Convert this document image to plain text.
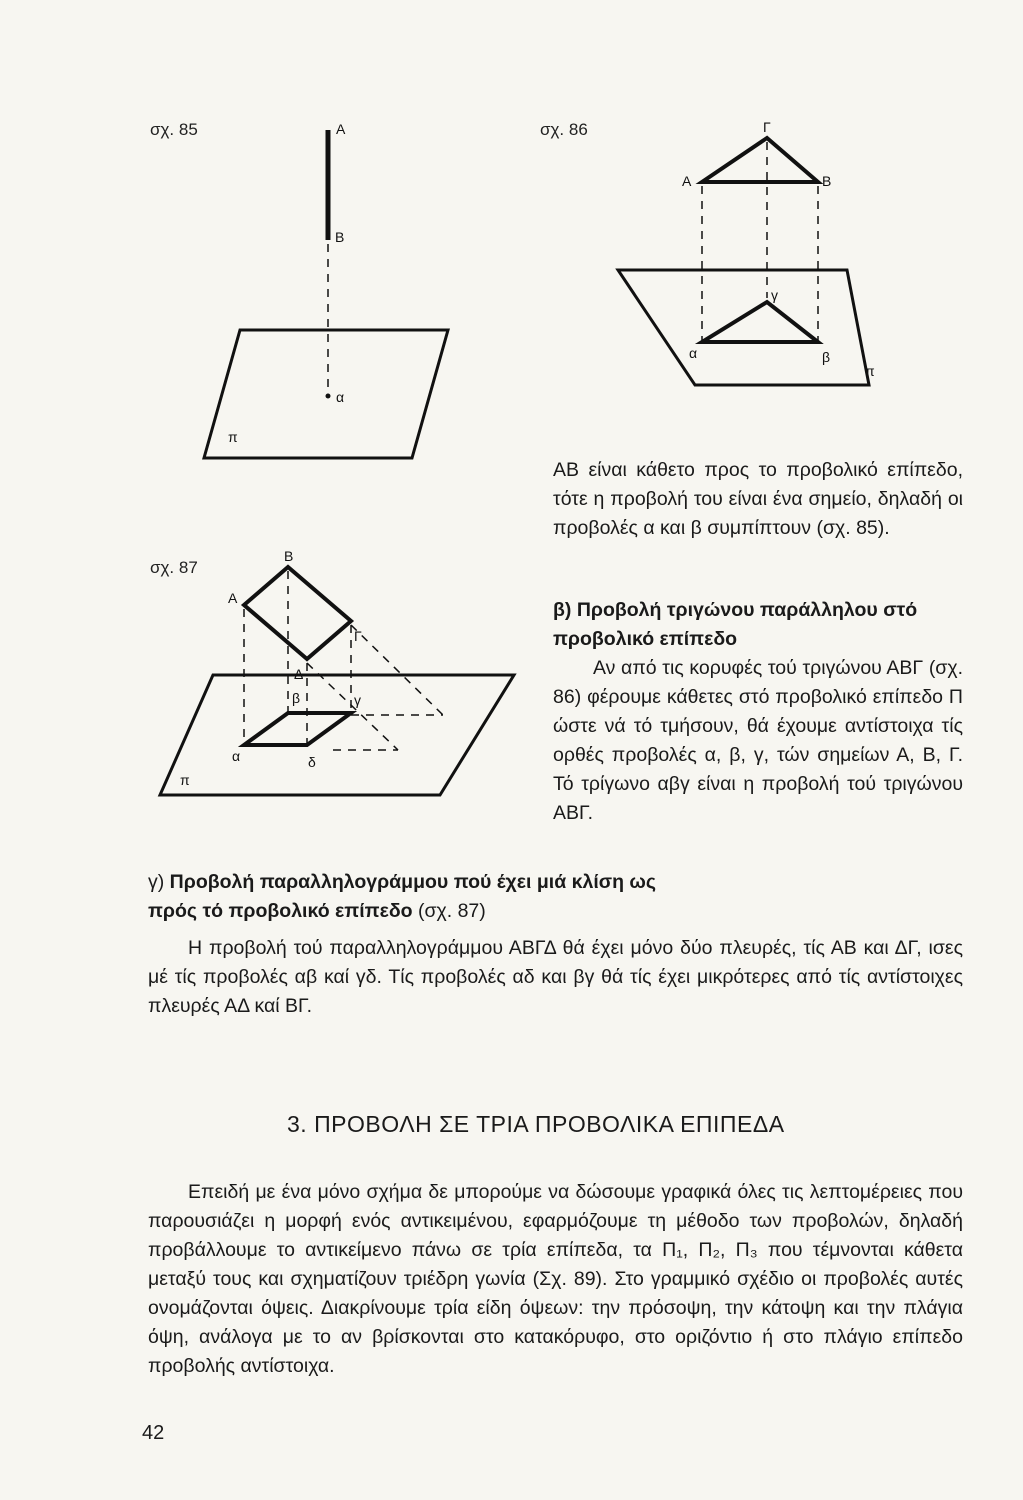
σχ. 85	A
B
α
π
σχ. 86	Γ
A	B
γ
α	β
π
σχ. 87
B
A
Γ
Δ
β	γ
α	δ
π
ΑΒ είναι κάθετο προς το προβολικό επίπεδο, τότε η προβολή του είναι ένα σημείο, δηλαδή οι προβολές α και β συμπίπτουν (σχ. 85).
β) Προβολή τριγώνου παράλληλου στό προβολικό επίπεδο
Αν από τις κορυφές τού τριγώνου ΑΒΓ (σχ. 86) φέρουμε κάθετες στό προβολικό επίπεδο Π ώστε νά τό τμήσουν, θά έχουμε αντίστοιχα τίς ορθές προβολές α, β, γ, τών σημείων Α, Β, Γ. Τό τρίγωνο αβγ είναι η προβολή τού τριγώνου ΑΒΓ.
γ) Προβολή παραλληλογράμμου πού έχει μιά κλίση ως πρός τό προβολικό επίπεδο (σχ. 87)
Η προβολή τού παραλληλογράμμου ΑΒΓΔ θά έχει μόνο δύο πλευρές, τίς ΑΒ και ΔΓ, ισες μέ τίς προβολές αβ καί γδ. Τίς προβολές αδ και βγ θά τίς έχει μικρότερες από τίς αντίστοιχες πλευρές ΑΔ καί ΒΓ.
3. ΠΡΟΒΟΛΗ ΣΕ ΤΡΙΑ ΠΡΟΒΟΛΙΚΑ ΕΠΙΠΕΔΑ
Επειδή με ένα μόνο σχήμα δε μπορούμε να δώσουμε γραφικά όλες τις λεπτομέρειες που παρουσιάζει η μορφή ενός αντικειμένου, εφαρμόζουμε τη μέθοδο των προβολών, δηλαδή προβάλλουμε το αντικείμενο πάνω σε τρία επίπεδα, τα Π₁, Π₂, Π₃ που τέμνονται κάθετα μεταξύ τους και σχηματίζουν τριέδρη γωνία (Σχ. 89). Στο γραμμικό σχέδιο οι προβολές αυτές ονομάζονται όψεις. Διακρίνουμε τρία είδη όψεων: την πρόσοψη, την κάτοψη και την πλάγια όψη, ανάλογα με το αν βρίσκονται στο κατακόρυφο, στο οριζόντιο ή στο πλάγιο επίπεδο προβολής αντίστοιχα.
42
